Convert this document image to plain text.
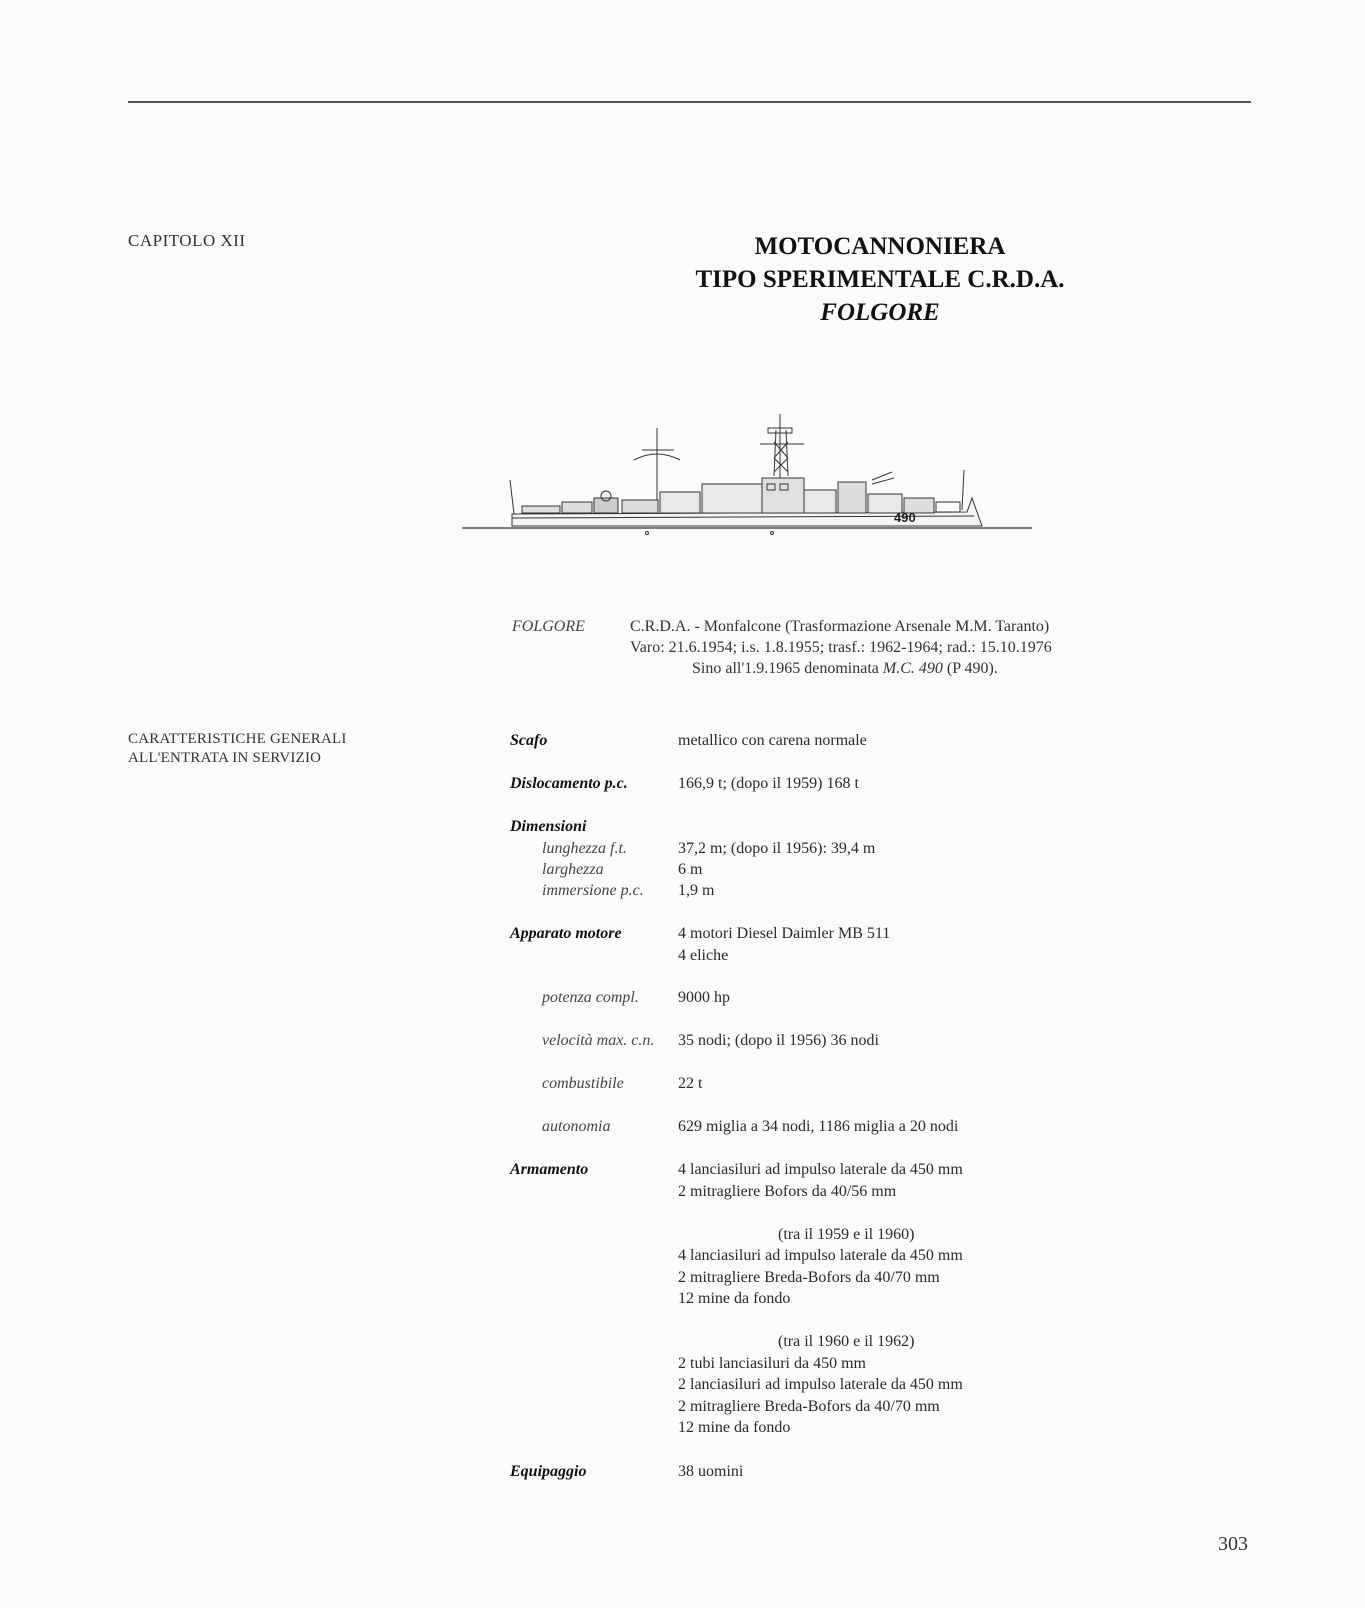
CAPITOLO XII	MOTOCANNONIERA
TIPO SPERIMENTALE C.R.D.A.
FOLGORE
490
FOLGORE	C.R.D.A. - Monfalcone (Trasformazione Arsenale M.M. Taranto)
Varo: 21.6.1954; i.s. 1.8.1955; trasf.: 1962-1964; rad.: 15.10.1976
Sino all'1.9.1965 denominata M.C. 490 (P 490).
CARATTERISTICHE GENERALI
ALL'ENTRATA IN SERVIZIO
Scafo	metallico con carena normale
Dislocamento p.c.	166,9 t; (dopo il 1959) 168 t
Dimensioni
lunghezza f.t.	37,2 m; (dopo il 1956): 39,4 m
larghezza	6 m
immersione p.c. 1,9 m
Apparato motore	4 motori Diesel Daimler MB 511
4 eliche
potenza compl. 9000 hp
velocità max. c.n. 35 nodi; (dopo il 1956) 36 nodi
combustibile	22 t
autonomia	629 miglia a 34 nodi, 1186 miglia a 20 nodi
Armamento	4 lanciasiluri ad impulso laterale da 450 mm
2 mitragliere Bofors da 40/56 mm

(tra il 1959 e il 1960)
4 lanciasiluri ad impulso laterale da 450 mm
2 mitragliere Breda-Bofors da 40/70 mm
12 mine da fondo

(tra il 1960 e il 1962)
2 tubi lanciasiluri da 450 mm
2 lanciasiluri ad impulso laterale da 450 mm
2 mitragliere Breda-Bofors da 40/70 mm
12 mine da fondo
Equipaggio	38 uomini
303
